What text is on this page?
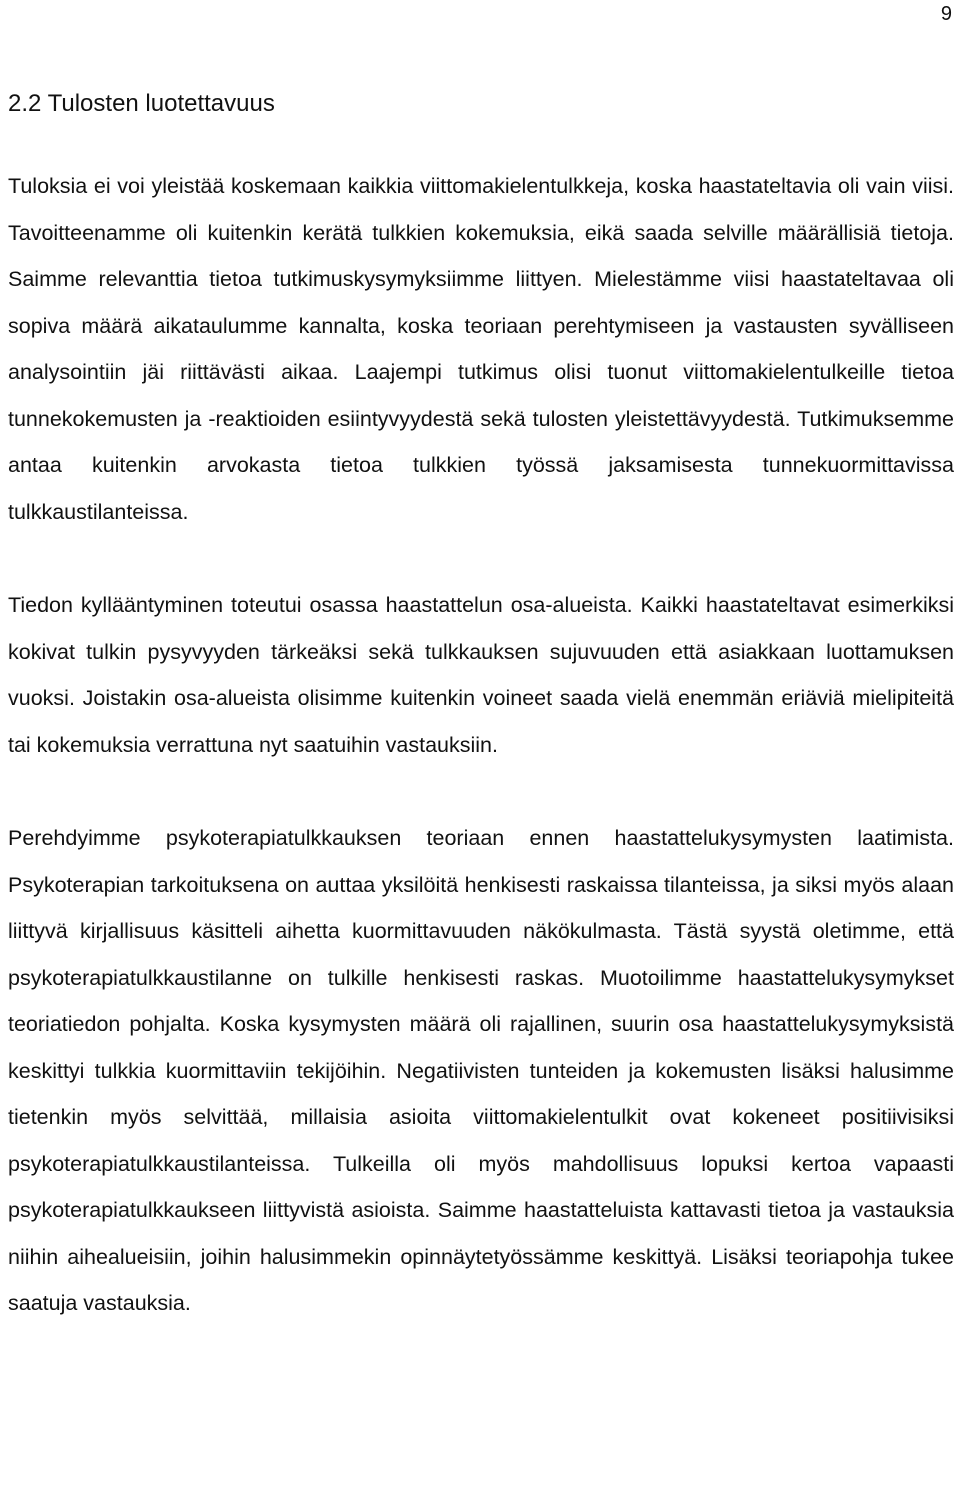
9
2.2 Tulosten luotettavuus

Tuloksia ei voi yleistää koskemaan kaikkia viittomakielentulkkeja, koska haastateltavia oli vain viisi. Tavoitteenamme oli kuitenkin kerätä tulkkien kokemuksia, eikä saada selville määrällisiä tietoja. Saimme relevanttia tietoa tutkimuskysymyksiimme liittyen. Mielestämme viisi haastateltavaa oli sopiva määrä aikataulumme kannalta, koska teoriaan perehtymiseen ja vastausten syvälliseen analysointiin jäi riittävästi aikaa. Laajempi tutkimus olisi tuonut viittomakielentulkeille tietoa tunnekokemusten ja -reaktioiden esiintyvyydestä sekä tulosten yleistettävyydestä. Tutkimuksemme antaa kuitenkin arvokasta tietoa tulkkien työssä jaksamisesta tunnekuormittavissa tulkkaustilanteissa.

Tiedon kyllääntyminen toteutui osassa haastattelun osa-alueista. Kaikki haastateltavat esimerkiksi kokivat tulkin pysyvyyden tärkeäksi sekä tulkkauksen sujuvuuden että asiakkaan luottamuksen vuoksi. Joistakin osa-alueista olisimme kuitenkin voineet saada vielä enemmän eriäviä mielipiteitä tai kokemuksia verrattuna nyt saatuihin vastauksiin.

Perehdyimme psykoterapiatulkkauksen teoriaan ennen haastattelukysymysten laatimista. Psykoterapian tarkoituksena on auttaa yksilöitä henkisesti raskaissa tilanteissa, ja siksi myös alaan liittyvä kirjallisuus käsitteli aihetta kuormittavuuden näkökulmasta. Tästä syystä oletimme, että psykoterapiatulkkaustilanne on tulkille henkisesti raskas. Muotoilimme haastattelukysymykset teoriatiedon pohjalta. Koska kysymysten määrä oli rajallinen, suurin osa haastattelukysymyksistä keskittyi tulkkia kuormittaviin tekijöihin. Negatiivisten tunteiden ja kokemusten lisäksi halusimme tietenkin myös selvittää, millaisia asioita viittomakielentulkit ovat kokeneet positiivisiksi psykoterapiatulkkaustilanteissa. Tulkeilla oli myös mahdollisuus lopuksi kertoa vapaasti psykoterapiatulkkaukseen liittyvistä asioista. Saimme haastatteluista kattavasti tietoa ja vastauksia niihin aihealueisiin, joihin halusimmekin opinnäytetyössämme keskittyä. Lisäksi teoriapohja tukee saatuja vastauksia.
